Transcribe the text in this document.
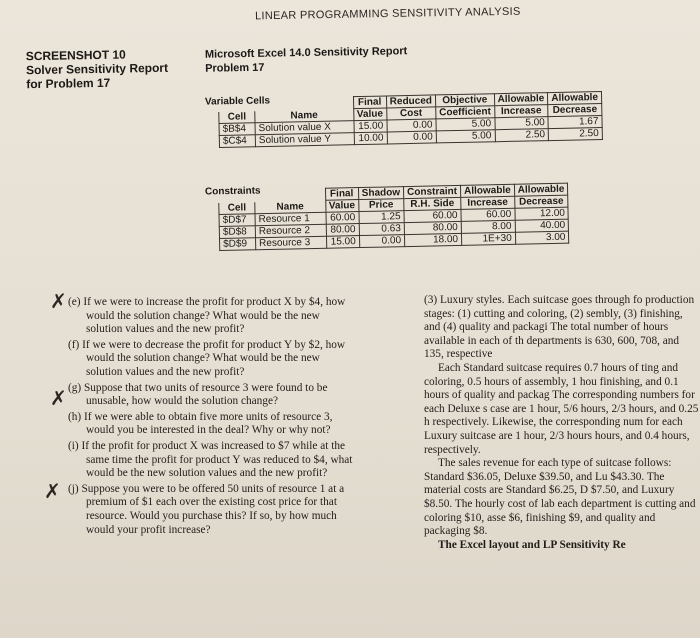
LINEAR PROGRAMMING SENSITIVITY ANALYSIS
SCREENSHOT 10
Solver Sensitivity Report
for Problem 17
Microsoft Excel 14.0 Sensitivity Report
Problem 17
Variable Cells
			Final	Reduced	Objective	Allowable	Allowable
Cell	Name	Value	Cost	Coefficient	Increase	Decrease
$B$4	Solution value X	15.00	0.00	5.00	5.00	1.67
$C$4	Solution value Y	10.00	0.00	5.00	2.50	2.50
Constraints
			Final	Shadow	Constraint	Allowable	Allowable
Cell	Name	Value	Price	R.H. Side	Increase	Decrease
$D$7	Resource 1	60.00	1.25	60.00	60.00	12.00
$D$8	Resource 2	80.00	0.63	80.00	8.00	40.00
$D$9	Resource 3	15.00	0.00	18.00	1E+30	3.00
✗
✗
✗

(e) If we were to increase the profit for product X by $4, how would the solution change? What would be the new solution values and the new profit?

(f) If we were to decrease the profit for product Y by $2, how would the solution change? What would be the new solution values and the new profit?

(g) Suppose that two units of resource 3 were found to be unusable, how would the solution change?

(h) If we were able to obtain five more units of resource 3, would you be interested in the deal? Why or why not?

(i) If the profit for product X was increased to $7 while at the same time the profit for product Y was reduced to $4, what would be the new solution values and the new profit?

(j) Suppose you were to be offered 50 units of resource 1 at a premium of $1 each over the existing cost price for that resource. Would you purchase this? If so, by how much would your profit increase?

(3) Luxury styles. Each suitcase goes through fo production stages: (1) cutting and coloring, (2) sembly, (3) finishing, and (4) quality and packagi The total number of hours available in each of th departments is 630, 600, 708, and 135, respective

Each Standard suitcase requires 0.7 hours of ting and coloring, 0.5 hours of assembly, 1 hou finishing, and 0.1 hours of quality and packag The corresponding numbers for each Deluxe s case are 1 hour, 5/6 hours, 2/3 hours, and 0.25 h respectively. Likewise, the corresponding num for each Luxury suitcase are 1 hour, 2/3 hours hours, and 0.4 hours, respectively.

The sales revenue for each type of suitcase follows: Standard $36.05, Deluxe $39.50, and Lu $43.30. The material costs are Standard $6.25, D $7.50, and Luxury $8.50. The hourly cost of lab each department is cutting and coloring $10, asse $6, finishing $9, and quality and packaging $8.

The Excel layout and LP Sensitivity Re
